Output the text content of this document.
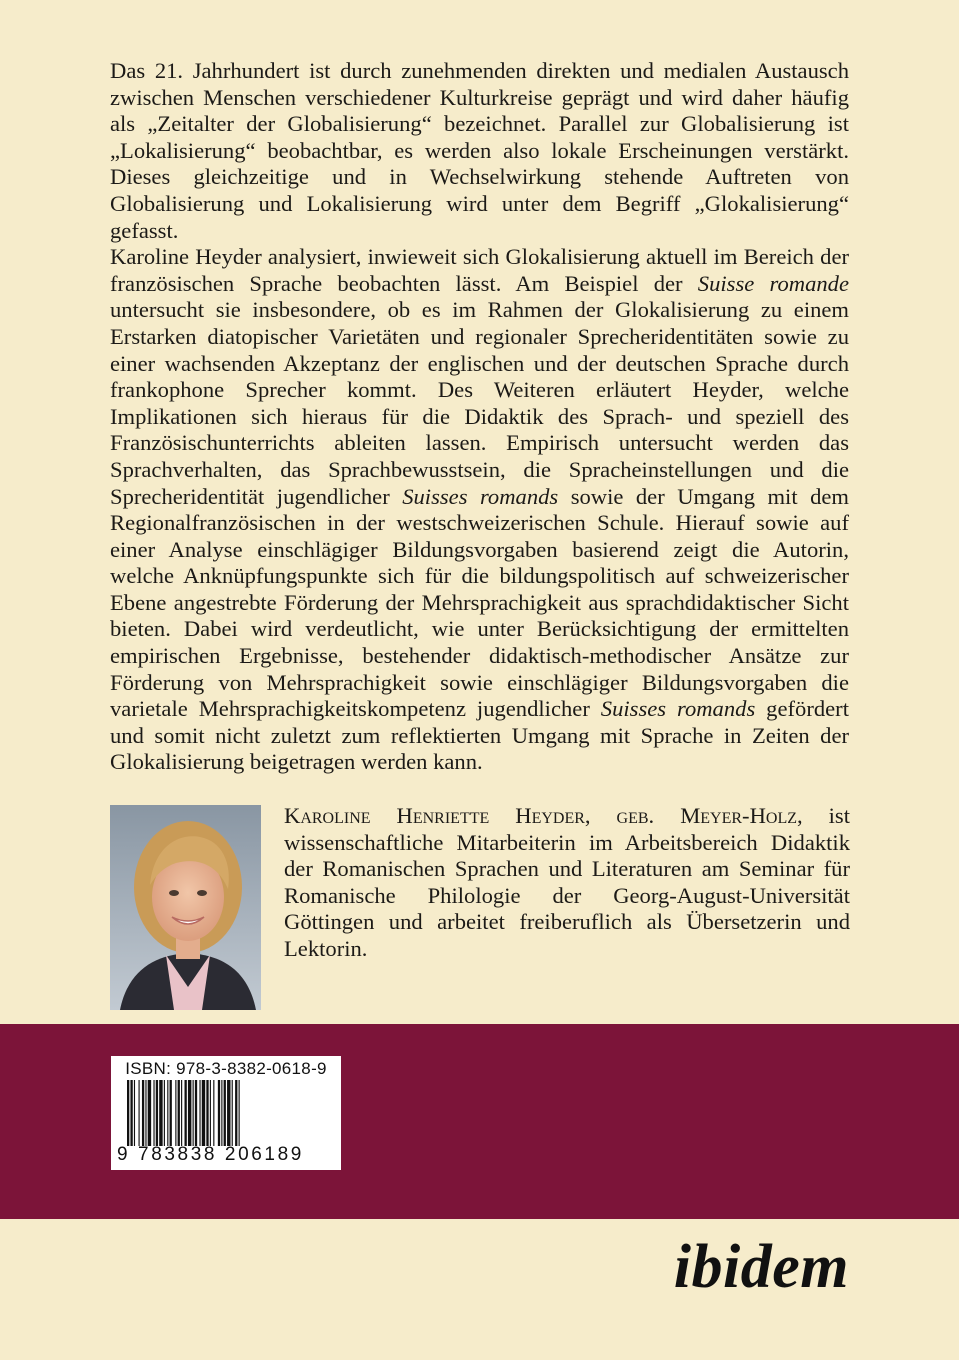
Das 21. Jahrhundert ist durch zunehmenden direkten und medialen Austausch zwischen Menschen verschiedener Kulturkreise geprägt und wird daher häufig als „Zeitalter der Globalisierung“ bezeichnet. Parallel zur Globalisierung ist „Lokalisierung“ beobachtbar, es werden also lokale Erscheinungen verstärkt. Dieses gleichzeitige und in Wechselwirkung stehende Auftreten von Globalisierung und Lokalisierung wird unter dem Begriff „Glokalisierung“ gefasst.

Karoline Heyder analysiert, inwieweit sich Glokalisierung aktuell im Bereich der französischen Sprache beobachten lässt. Am Beispiel der Suisse romande untersucht sie insbesondere, ob es im Rahmen der Glokalisierung zu einem Erstarken diatopischer Varietäten und regionaler Sprecheridentitäten sowie zu einer wachsenden Akzeptanz der englischen und der deutschen Sprache durch frankophone Sprecher kommt. Des Weiteren erläutert Heyder, welche Implikationen sich hieraus für die Didaktik des Sprach- und speziell des Französischunterrichts ableiten lassen. Empirisch untersucht werden das Sprachverhalten, das Sprachbewusstsein, die Spracheinstellungen und die Sprecheridentität jugendlicher Suisses romands sowie der Umgang mit dem Regionalfranzösischen in der westschweizerischen Schule. Hierauf sowie auf einer Analyse einschlägiger Bildungsvorgaben basierend zeigt die Autorin, welche Anknüpfungspunkte sich für die bildungspolitisch auf schweizerischer Ebene angestrebte Förderung der Mehrsprachigkeit aus sprachdidaktischer Sicht bieten. Dabei wird verdeutlicht, wie unter Berücksichtigung der ermittelten empirischen Ergebnisse, bestehender didaktisch-methodischer Ansätze zur Förderung von Mehrsprachigkeit sowie einschlägiger Bildungsvorgaben die varietale Mehrsprachigkeitskompetenz jugendlicher Suisses romands gefördert und somit nicht zuletzt zum reflektierten Umgang mit Sprache in Zeiten der Glokalisierung beigetragen werden kann.

Karoline Henriette Heyder, geb. Meyer-Holz, ist wissenschaftliche Mitarbeiterin im Arbeitsbereich Didaktik der Romanischen Sprachen und Literaturen am Seminar für Romanische Philologie der Georg-August-Universität Göttingen und arbeitet freiberuflich als Übersetzerin und Lektorin.

ISBN: 978-3-8382-0618-9
9 783838 206189
ibidem
